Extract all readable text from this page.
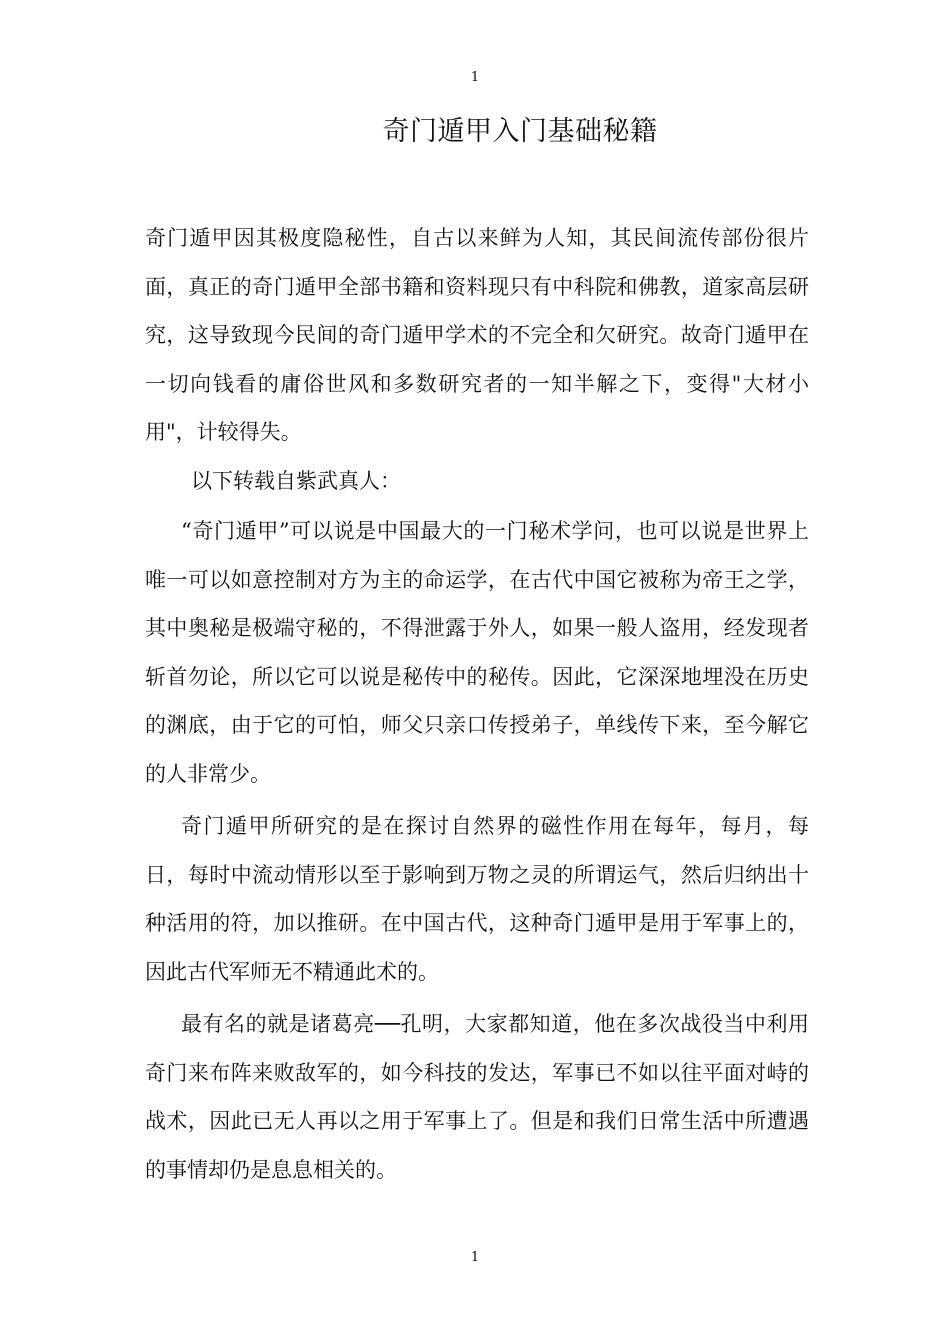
1
奇门遁甲入门基础秘籍

奇门遁甲因其极度隐秘性，自古以来鲜为人知，其民间流传部份很片面，真正的奇门遁甲全部书籍和资料现只有中科院和佛教，道家高层研究，这导致现今民间的奇门遁甲学术的不完全和欠研究。故奇门遁甲在一切向钱看的庸俗世风和多数研究者的一知半解之下，变得"大材小用"，计较得失。

以下转载自紫武真人：

“奇门遁甲”可以说是中国最大的一门秘术学问，也可以说是世界上唯一可以如意控制对方为主的命运学，在古代中国它被称为帝王之学，其中奥秘是极端守秘的，不得泄露于外人，如果一般人盗用，经发现者斩首勿论，所以它可以说是秘传中的秘传。因此，它深深地埋没在历史的渊底，由于它的可怕，师父只亲口传授弟子，单线传下来，至今解它的人非常少。

奇门遁甲所研究的是在探讨自然界的磁性作用在每年，每月，每日，每时中流动情形以至于影响到万物之灵的所谓运气，然后归纳出十种活用的符，加以推研。在中国古代，这种奇门遁甲是用于军事上的，因此古代军师无不精通此术的。

最有名的就是诸葛亮──孔明，大家都知道，他在多次战役当中利用奇门来布阵来败敌军的，如今科技的发达，军事已不如以往平面对峙的战术，因此已无人再以之用于军事上了。但是和我们日常生活中所遭遇的事情却仍是息息相关的。

1
